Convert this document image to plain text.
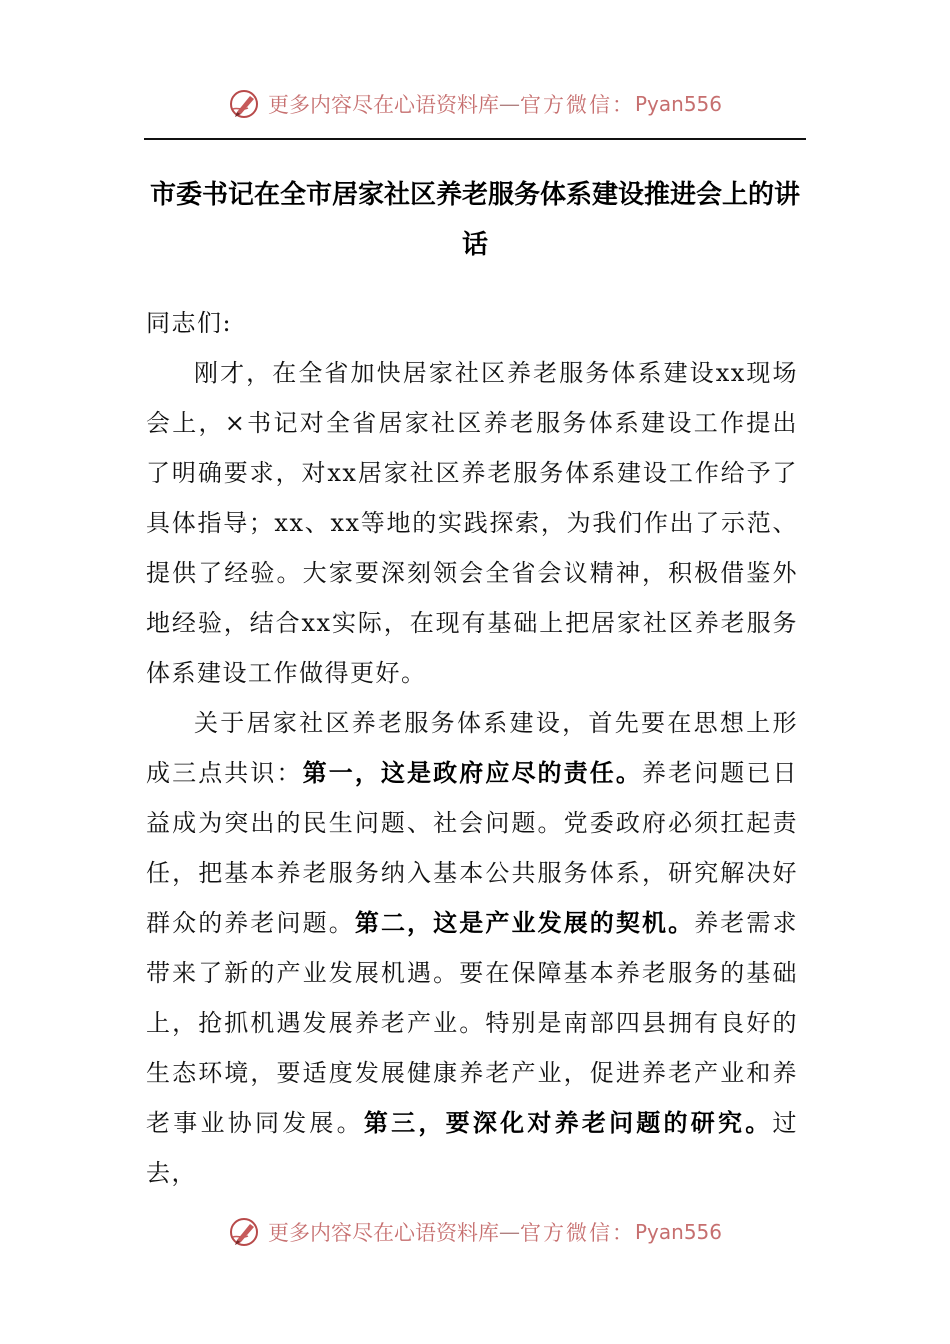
更多内容尽在心语资料库 — 官方微信： Pyan556
市委书记在全市居家社区养老服务体系建设推进会上的讲话

同志们:

刚才，在全省加快居家社区养老服务体系建设xx现场会上，×书记对全省居家社区养老服务体系建设工作提出了明确要求，对xx居家社区养老服务体系建设工作给予了具体指导；xx、xx等地的实践探索，为我们作出了示范、提供了经验。大家要深刻领会全省会议精神，积极借鉴外地经验，结合xx实际，在现有基础上把居家社区养老服务体系建设工作做得更好。

关于居家社区养老服务体系建设，首先要在思想上形成三点共识：第一，这是政府应尽的责任。养老问题已日益成为突出的民生问题、社会问题。党委政府必须扛起责任，把基本养老服务纳入基本公共服务体系，研究解决好群众的养老问题。第二，这是产业发展的契机。养老需求带来了新的产业发展机遇。要在保障基本养老服务的基础上，抢抓机遇发展养老产业。特别是南部四县拥有良好的生态环境，要适度发展健康养老产业，促进养老产业和养老事业协同发展。第三，要深化对养老问题的研究。过去，

更多内容尽在心语资料库 — 官方微信： Pyan556
